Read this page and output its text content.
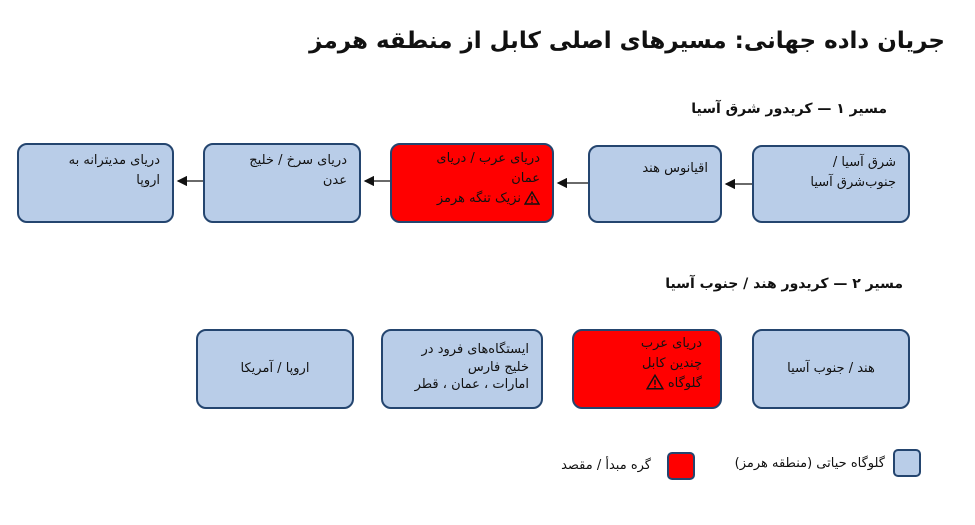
جریان داده جهانی: مسیرهای اصلی کابل از منطقه هرمز
مسیر ۱ — کریدور شرق آسیا
شرق آسیا /
جنوب‌شرق آسیا
اقیانوس هند
دریای عرب / دریای
عمان
نزیک تنگه هرمز
دریای سرخ / خلیج
عدن
دریای مدیترانه به
اروپا
مسیر ۲ — کریدور هند / جنوب آسیا
هند / جنوب آسیا
دریای عرب
چندین کابل
گلوگاه
ایستگاه‌های فرود در
خلیج فارس
امارات ، عمان ، قطر
اروپا / آمریکا
گلوگاه حیاتی (منطقه هرمز)
گره مبدأ / مقصد
